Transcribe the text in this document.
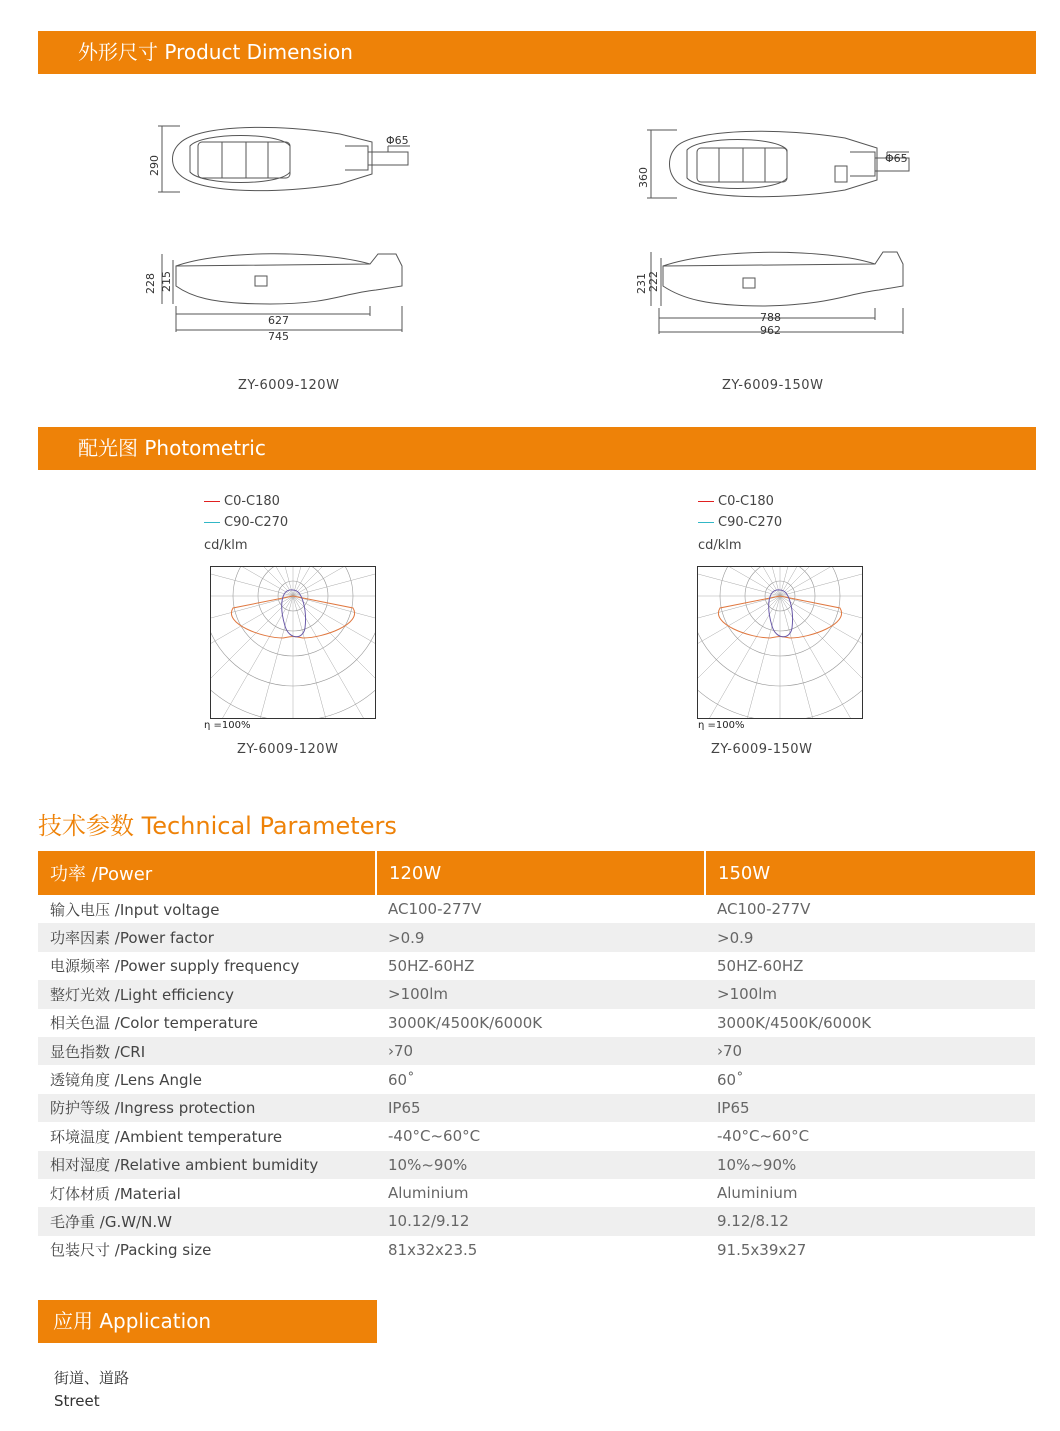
外形尺寸 Product Dimension
290
Φ65
228 215
627
745
ZY-6009-120W
360
Φ65
231 222
788
962
ZY-6009-150W
配光图 Photometric
C0-C180
C90-C270
cd/klm
η =100%
ZY-6009-120W
C0-C180
C90-C270
cd/klm
η =100%
ZY-6009-150W
技术参数 Technical Parameters
功率 /Power	120W	150W
输入电压 /Input voltage	AC100-277V	AC100-277V
功率因素 /Power factor	>0.9	>0.9
电源频率 /Power supply frequency	50HZ-60HZ	50HZ-60HZ
整灯光效 /Light efficiency	>100lm	>100lm
相关色温 /Color temperature	3000K/4500K/6000K	3000K/4500K/6000K
显色指数 /CRI	›70	›70
透镜角度 /Lens Angle	60˚	60˚
防护等级 /Ingress protection	IP65	IP65
环境温度 /Ambient temperature	-40°C~60°C	-40°C~60°C
相对湿度 /Relative ambient bumidity	10%~90%	10%~90%
灯体材质 /Material	Aluminium	Aluminium
毛净重 /G.W/N.W	10.12/9.12	9.12/8.12
包装尺寸 /Packing size	81x32x23.5	91.5x39x27
应用 Application
街道、道路
Street
